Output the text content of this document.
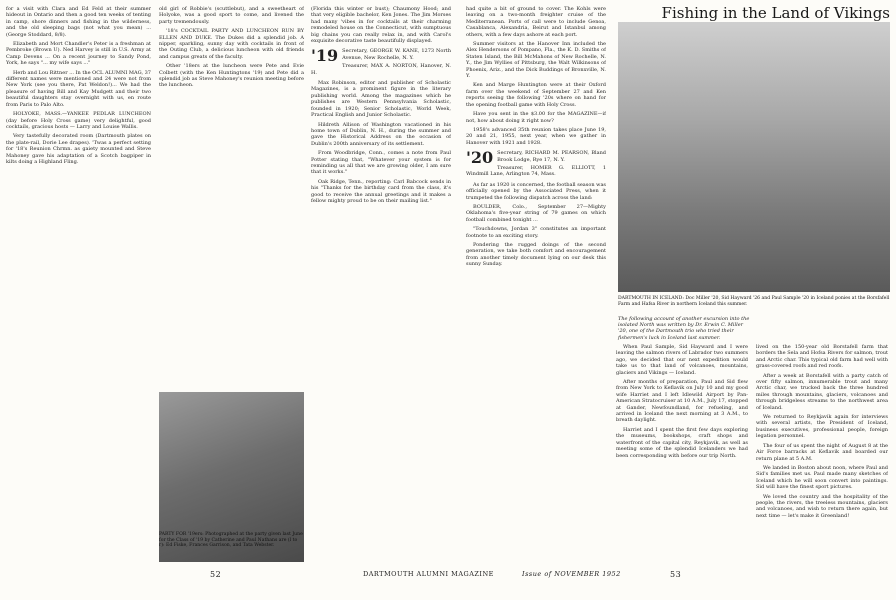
for a visit with Clara and Ed Feld at their summer hideout in Ontario and then a good ten weeks of tenting in camp, shore dinners and fishing in the wilderness, and the old sleeping bags (not what you mean) ... (George Stoddard, 8/8).

Elizabeth and Mort Chandler's Peter is a freshman at Pembroke (Brown U). Ned Harvey is still in U.S. Army at Camp Devens ... On a recent journey to Sandy Pond, York, he says "... my wife says ..."

Herb and Lou Rittner ... In the OCL ALUMNI MAG, 37 different names were mentioned and 24 were not from New York (see you there, Pat Weldon!)... We had the pleasure of having Bill and Kay Mudgett and their two beautiful daughters stay overnight with us, en route from Paris to Palo Alto.

HOLYOKE, MASS.—YANKEE PEDLAR LUNCHEON (day before Holy Cross game) very delightful, good cocktails, gracious hosts — Larry and Louise Wallis.

Very tastefully decorated room (Dartmouth plates on the plate-rail, Dorie Lee drapes). 'Twas a perfect setting for '18's Reunion Chrmn. as gaiety mounted and Steve Mahoney gave his adaptation of a Scotch bagpiper in kilts doing a Highland Fling.

old girl of Robbie's (scuttlebut), and a sweetheart of Holyoke, was a good sport to come, and livened the party tremendously.

'18's COCKTAIL PARTY AND LUNCHEON RUN BY ELLEN AND DUKE. The Dukes did a splendid job. A nipper, sparkling, sunny day with cocktails in front of the Outing Club, a delicious luncheon with old friends and campus greats of the faculty.

Other '18ers at the luncheon were Pete and Evie Colbett (with the Ken Huntingtons '19) and Pete did a splendid job as Steve Mahoney's reunion meeting before the luncheon.

PARTY FOR '19ers: Photographed at the party given last June for the Class of '19 by Catherine and Paul Nathans are (l to r): Ed Fiske, Frances Garrison, and Tata Webster.

(Florida this winter or bust); Chaumony Hood; and that very eligible bachelor, Ken Jones. The Jim Morses had many 'vibes in for cocktails at their charming remodeled house on the Connecticut, with sumptuous big chains you can really relax in, and with Carol's exquisite decorative taste beautifully displayed.

'19 Secretary, GEORGE W. KANE, 1273 North Avenue, New Rochelle, N. Y.
Treasurer, MAX A. NORTON, Hanover, N. H.

Max Robinson, editor and publisher of Scholastic Magazines, is a prominent figure in the literary publishing world. Among the magazines which he publishes are Western Pennsylvania Scholastic, founded in 1920; Senior Scholastic, World Week, Practical English and Junior Scholastic.

Hildreth Allison of Washington vacationed in his home town of Dublin, N. H., during the summer and gave the Historical Address on the occasion of Dublin's 200th anniversary of its settlement.

From Woodbridge, Conn., comes a note from Paul Potter stating that, "Whatever your system is for reminding us all that we are growing older, I am sure that it works."

Oak Ridge, Tenn., reporting: Carl Babcock sends in his "Thanks for the birthday card from the class, it's good to receive the annual greetings and it makes a fellow mighty proud to be on their mailing list."

had quite a bit of ground to cover. The Kohls were leaving on a two-month freighter cruise of the Mediterranean. Ports of call were to include Genoa, Casablanca, Alexandria, Beirut and Istanbul among others, with a few days ashore at each port.

Summer visitors at the Hanover Inn included the Alex Hendersons of Pompano, Fla., the K. D. Smiths of Staten Island, the Bill McMahons of New Rochelle, N. Y., the Jim Wyllies of Pittsburg, the Walt Wilkinsons of Phoenix, Ariz., and the Dick Buddings of Bronxville, N. Y.

Ken and Marge Huntington were at their Oxford farm over the weekend of September 27 and Ken reports seeing the following '20s where on hand for the opening football game with Holy Cross.

Have you sent in the $3.00 for the MAGAZINE—if not, how about doing it right now?

1958's advanced 35th reunion takes place June 19, 20 and 21, 1955, next year, when we gather in Hanover with 1921 and 1928.

'20 Secretary, RICHARD M. PEARSON, Bland Brook Lodge, Rye 17, N. Y.
Treasurer, HOMER G. ELLIOTT, 1 Windmill Lane, Arlington 74, Mass.

As far as 1920 is concerned, the football season was officially opened by the Associated Press, when it trumpeted the following dispatch across the land:

BOULDER, Colo., September 27—Mighty Oklahoma's five-year string of 79 games on which football combined tonight ...

"Touchdowns, Jordan 3" constitutes an important footnote to an exciting story.

Pondering the rugged doings of the second generation, we take both comfort and encouragement from another timely document lying on our desk this sunny Sunday.

Fishing in the Land of Vikings
DARTMOUTH IN ICELAND: Doc Miller '20, Sid Hayward '26 and Paul Sample '20 in Iceland ponies at the Borsfafell Farm and Hafsa River in northern Iceland this summer.
The following account of another excursion into the isolated North was written by Dr. Erwin C. Miller '20, one of the Dartmouth trio who tried their fishermen's luck in Iceland last summer.

When Paul Sample, Sid Hayward and I were leaving the salmon rivers of Labrador two summers ago, we decided that our next expedition would take us to that land of volcanoes, mountains, glaciers and Vikings — Iceland.

After months of preparation, Paul and Sid flew from New York to Keflavik on July 10 and my good wife Harriet and I left Idlewild Airport by Pan-American Stratocruiser at 10 A.M., July 17, stopped at Gander, Newfoundland, for refueling, and arrived in Iceland the next morning at 3 A.M., to breath daylight.

Harriet and I spent the first few days exploring the museums, bookshops, craft shops and waterfront of the capital city, Reykjavik, as well as meeting some of the splendid Icelanders we had been corresponding with before our trip North.

lived on the 150-year old Borstafell farm that borders the Sela and Hofsa Rivers for salmon, trout and Arctic char. This typical old farm had well with grass-covered roofs and red roofs.

After a week at Borstafell with a party catch of over fifty salmon, innumerable trout and many Arctic char, we trucked back the three hundred miles through mountains, glaciers, volcanoes and through bridgeless streams to the northwest area of Iceland.

We returned to Reykjavik again for interviews with several artists, the President of Iceland, business executives, professional people, foreign legation personnel.

The four of us spent the night of August 8 at the Air Force barracks at Keflavik and boarded our return plane at 5 A.M.

We landed in Boston about noon, where Paul and Sid's families met us. Paul made many sketches of Iceland which he will soon convert into paintings. Sid will have the finest sport pictures.

We loved the country and the hospitality of the people, the rivers, the treeless mountains, glaciers and volcanoes, and wish to return there again, but next time — let's make it Greenland!

52	DARTMOUTH ALUMNI MAGAZINE	Issue of NOVEMBER 1952	53
